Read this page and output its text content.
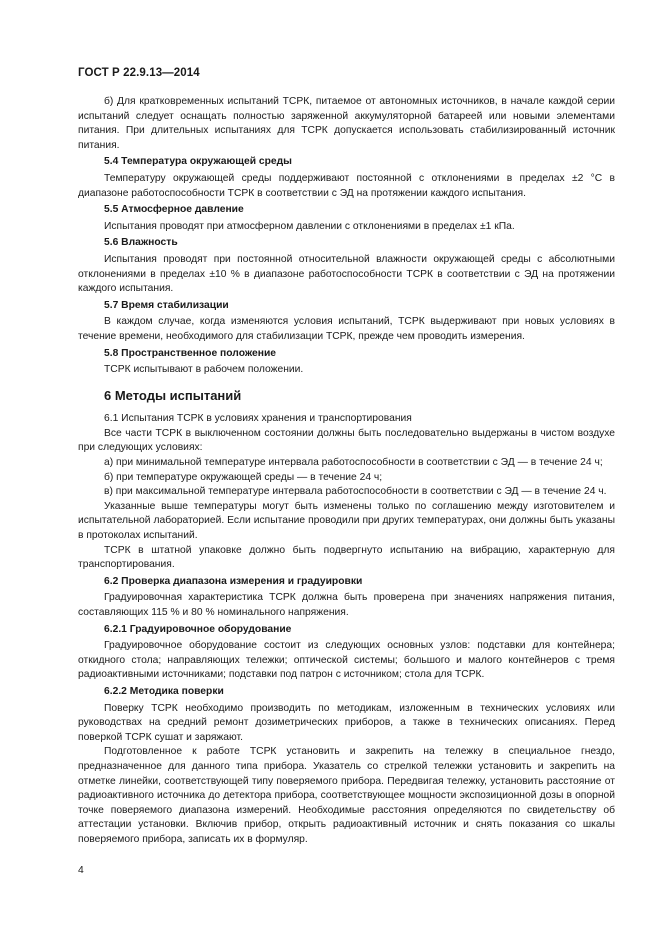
ГОСТ Р 22.9.13—2014

б) Для кратковременных испытаний ТСРК, питаемое от автономных источников, в начале каждой серии испытаний следует оснащать полностью заряженной аккумуляторной батареей или новыми элементами питания. При длительных испытаниях для ТСРК допускается использовать стабилизированный источник питания.

5.4 Температура окружающей среды

Температуру окружающей среды поддерживают постоянной с отклонениями в пределах ±2 °С в диапазоне работоспособности ТСРК в соответствии с ЭД на протяжении каждого испытания.

5.5 Атмосферное давление

Испытания проводят при атмосферном давлении с отклонениями в пределах ±1 кПа.

5.6 Влажность

Испытания проводят при постоянной относительной влажности окружающей среды с абсолютными отклонениями в пределах ±10 % в диапазоне работоспособности ТСРК в соответствии с ЭД на протяжении каждого испытания.

5.7 Время стабилизации

В каждом случае, когда изменяются условия испытаний, ТСРК выдерживают при новых условиях в течение времени, необходимого для стабилизации ТСРК, прежде чем проводить измерения.

5.8 Пространственное положение

ТСРК испытывают в рабочем положении.

6 Методы испытаний
6.1 Испытания ТСРК в условиях хранения и транспортирования

Все части ТСРК в выключенном состоянии должны быть последовательно выдержаны в чистом воздухе при следующих условиях:

а) при минимальной температуре интервала работоспособности в соответствии с ЭД — в течение 24 ч;

б) при температуре окружающей среды — в течение 24 ч;

в) при максимальной температуре интервала работоспособности в соответствии с ЭД — в течение 24 ч.

Указанные выше температуры могут быть изменены только по соглашению между изготовителем и испытательной лабораторией. Если испытание проводили при других температурах, они должны быть указаны в протоколах испытаний.

ТСРК в штатной упаковке должно быть подвергнуто испытанию на вибрацию, характерную для транспортирования.

6.2 Проверка диапазона измерения и градуировки

Градуировочная характеристика ТСРК должна быть проверена при значениях напряжения питания, составляющих 115 % и 80 % номинального напряжения.

6.2.1 Градуировочное оборудование

Градуировочное оборудование состоит из следующих основных узлов: подставки для контейнера; откидного стола; направляющих тележки; оптической системы; большого и малого контейнеров с тремя радиоактивными источниками; подставки под патрон с источником; стола для ТСРК.

6.2.2 Методика поверки

Поверку ТСРК необходимо производить по методикам, изложенным в технических условиях или руководствах на средний ремонт дозиметрических приборов, а также в технических описаниях. Перед поверкой ТСРК сушат и заряжают.

Подготовленное к работе ТСРК установить и закрепить на тележку в специальное гнездо, предназначенное для данного типа прибора. Указатель со стрелкой тележки установить и закрепить на отметке линейки, соответствующей типу поверяемого прибора. Передвигая тележку, установить расстояние от радиоактивного источника до детектора прибора, соответствующее мощности экспозиционной дозы в опорной точке поверяемого диапазона измерений. Необходимые расстояния определяются по свидетельству об аттестации установки. Включив прибор, открыть радиоактивный источник и снять показания со шкалы поверяемого прибора, записать их в формуляр.

4
